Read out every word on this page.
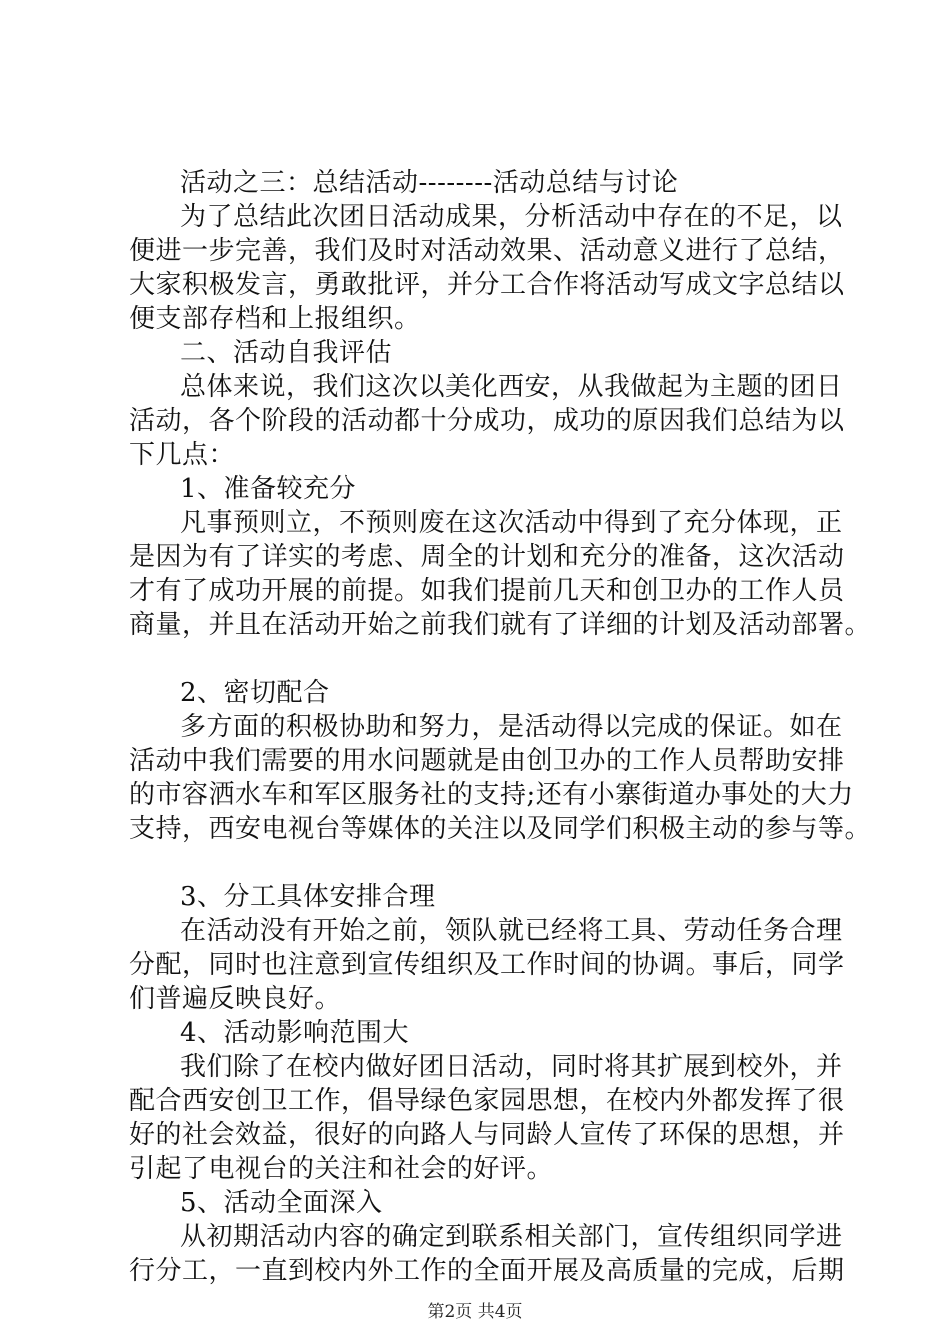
活动之三：总结活动--------活动总结与讨论
为了总结此次团日活动成果，分析活动中存在的不足，以
便进一步完善，我们及时对活动效果、活动意义进行了总结，
大家积极发言，勇敢批评，并分工合作将活动写成文字总结以
便支部存档和上报组织。
二、活动自我评估
总体来说，我们这次以美化西安，从我做起为主题的团日
活动，各个阶段的活动都十分成功，成功的原因我们总结为以
下几点：
1、准备较充分
凡事预则立，不预则废在这次活动中得到了充分体现，正
是因为有了详实的考虑、周全的计划和充分的准备，这次活动
才有了成功开展的前提。如我们提前几天和创卫办的工作人员
商量，并且在活动开始之前我们就有了详细的计划及活动部署。
2、密切配合
多方面的积极协助和努力，是活动得以完成的保证。如在
活动中我们需要的用水问题就是由创卫办的工作人员帮助安排
的市容洒水车和军区服务社的支持;还有小寨街道办事处的大力
支持，西安电视台等媒体的关注以及同学们积极主动的参与等。
3、分工具体安排合理
在活动没有开始之前，领队就已经将工具、劳动任务合理
分配，同时也注意到宣传组织及工作时间的协调。事后，同学
们普遍反映良好。
4、活动影响范围大
我们除了在校内做好团日活动，同时将其扩展到校外，并
配合西安创卫工作，倡导绿色家园思想，在校内外都发挥了很
好的社会效益，很好的向路人与同龄人宣传了环保的思想，并
引起了电视台的关注和社会的好评。
5、活动全面深入
从初期活动内容的确定到联系相关部门，宣传组织同学进
行分工，一直到校内外工作的全面开展及高质量的完成，后期
第2页 共4页
